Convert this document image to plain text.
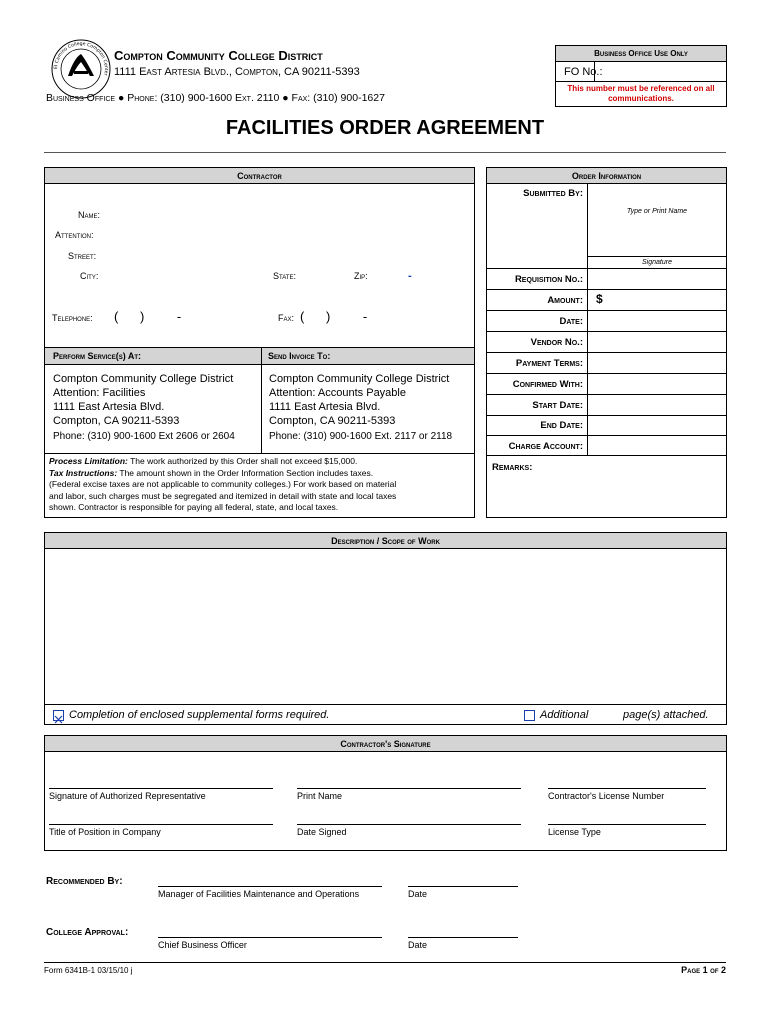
El Camino College Compton Center
Compton Community College District
1111 East Artesia Blvd., Compton, CA 90211-5393
Business Office ● Phone: (310) 900-1600 Ext. 2110 ● Fax: (310) 900-1627
Business Office Use Only
FO No.:
This number must be referenced on all communications.
FACILITIES ORDER AGREEMENT
Contractor
Name:
Attention:
Street:
City:	State:	Zip:	-
Telephone: (      )         -	Fax: (      )         -
Perform Service(s) At:	Send Invoice To:
Compton Community College District
Attention: Facilities
1111 East Artesia Blvd.
Compton, CA 90211-5393
Phone: (310) 900-1600 Ext 2606 or 2604
Compton Community College District
Attention: Accounts Payable
1111 East Artesia Blvd.
Compton, CA 90211-5393
Phone: (310) 900-1600 Ext. 2117 or 2118
Process Limitation: The work authorized by this Order shall not exceed $15,000.
Tax Instructions: The amount shown in the Order Information Section includes taxes.
(Federal excise taxes are not applicable to community colleges.) For work based on material
and labor, such charges must be segregated and itemized in detail with state and local taxes
shown. Contractor is responsible for paying all federal, state, and local taxes.
Order Information
Submitted By:
Type or Print Name
Signature
Requisition No.:
Amount: $
Date:
Vendor No.:
Payment Terms:
Confirmed With:
Start Date:
End Date:
Charge Account:
Remarks:
Description / Scope of Work
Completion of enclosed supplemental forms required.	Additional	page(s) attached.
Contractor's Signature
Signature of Authorized Representative	Print Name	Contractor's License Number
Title of Position in Company	Date Signed	License Type
Recommended By:
Manager of Facilities Maintenance and Operations	Date
College Approval:
Chief Business Officer	Date
Form 6341B-1 03/15/10 j	Page 1 of 2
